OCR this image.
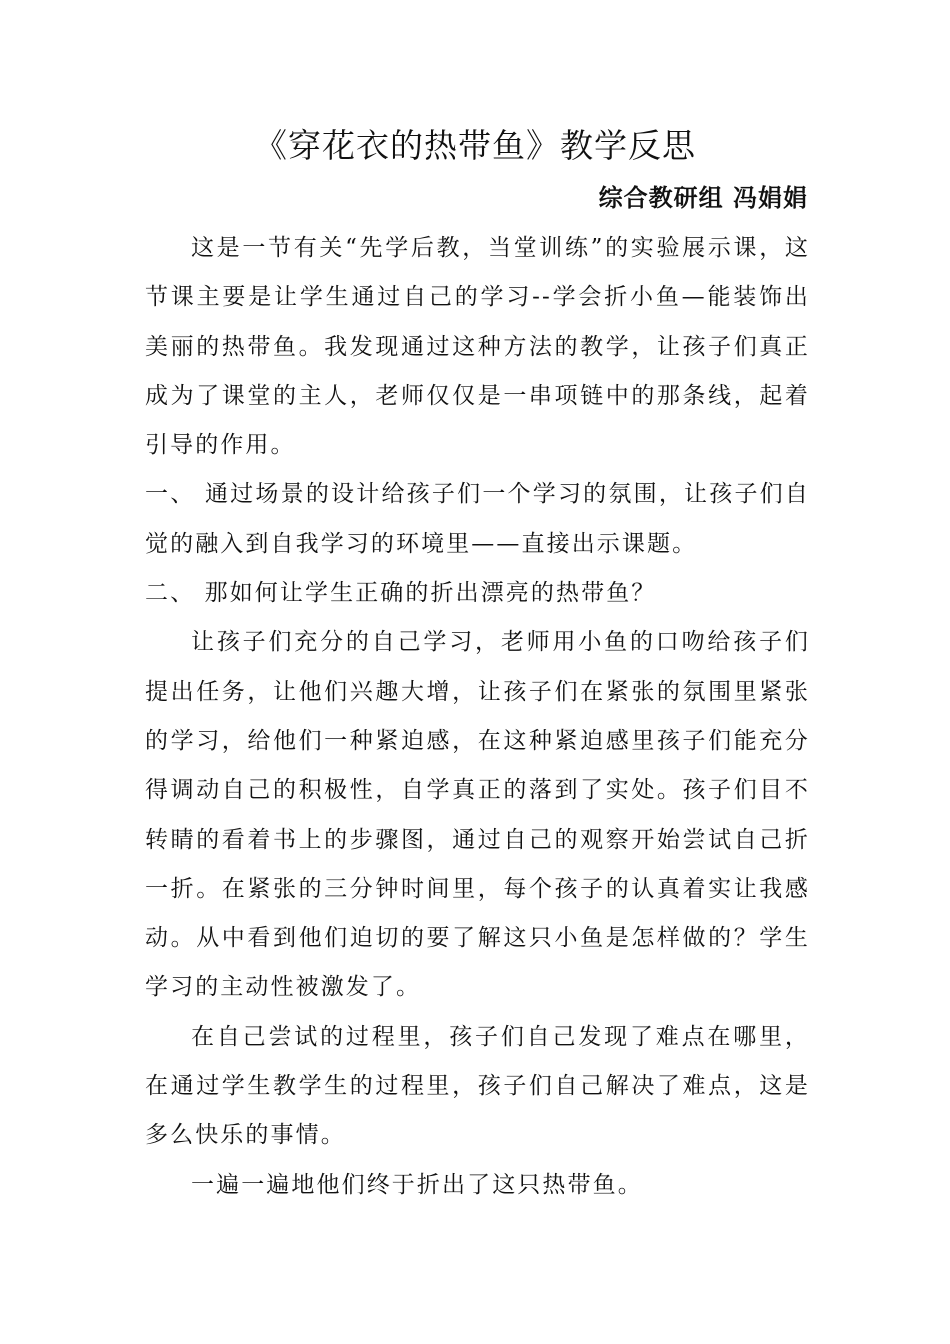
《穿花衣的热带鱼》教学反思
综合教研组 冯娟娟

这是一节有关“先学后教，当堂训练”的实验展示课，这节课主要是让学生通过自己的学习--学会折小鱼—能装饰出美丽的热带鱼。我发现通过这种方法的教学，让孩子们真正成为了课堂的主人，老师仅仅是一串项链中的那条线，起着引导的作用。

一、 通过场景的设计给孩子们一个学习的氛围，让孩子们自觉的融入到自我学习的环境里——直接出示课题。

二、 那如何让学生正确的折出漂亮的热带鱼？

让孩子们充分的自己学习，老师用小鱼的口吻给孩子们提出任务，让他们兴趣大增，让孩子们在紧张的氛围里紧张的学习，给他们一种紧迫感，在这种紧迫感里孩子们能充分得调动自己的积极性，自学真正的落到了实处。孩子们目不转睛的看着书上的步骤图，通过自己的观察开始尝试自己折一折。在紧张的三分钟时间里，每个孩子的认真着实让我感动。从中看到他们迫切的要了解这只小鱼是怎样做的？学生学习的主动性被激发了。

在自己尝试的过程里，孩子们自己发现了难点在哪里，在通过学生教学生的过程里，孩子们自己解决了难点，这是多么快乐的事情。

一遍一遍地他们终于折出了这只热带鱼。
